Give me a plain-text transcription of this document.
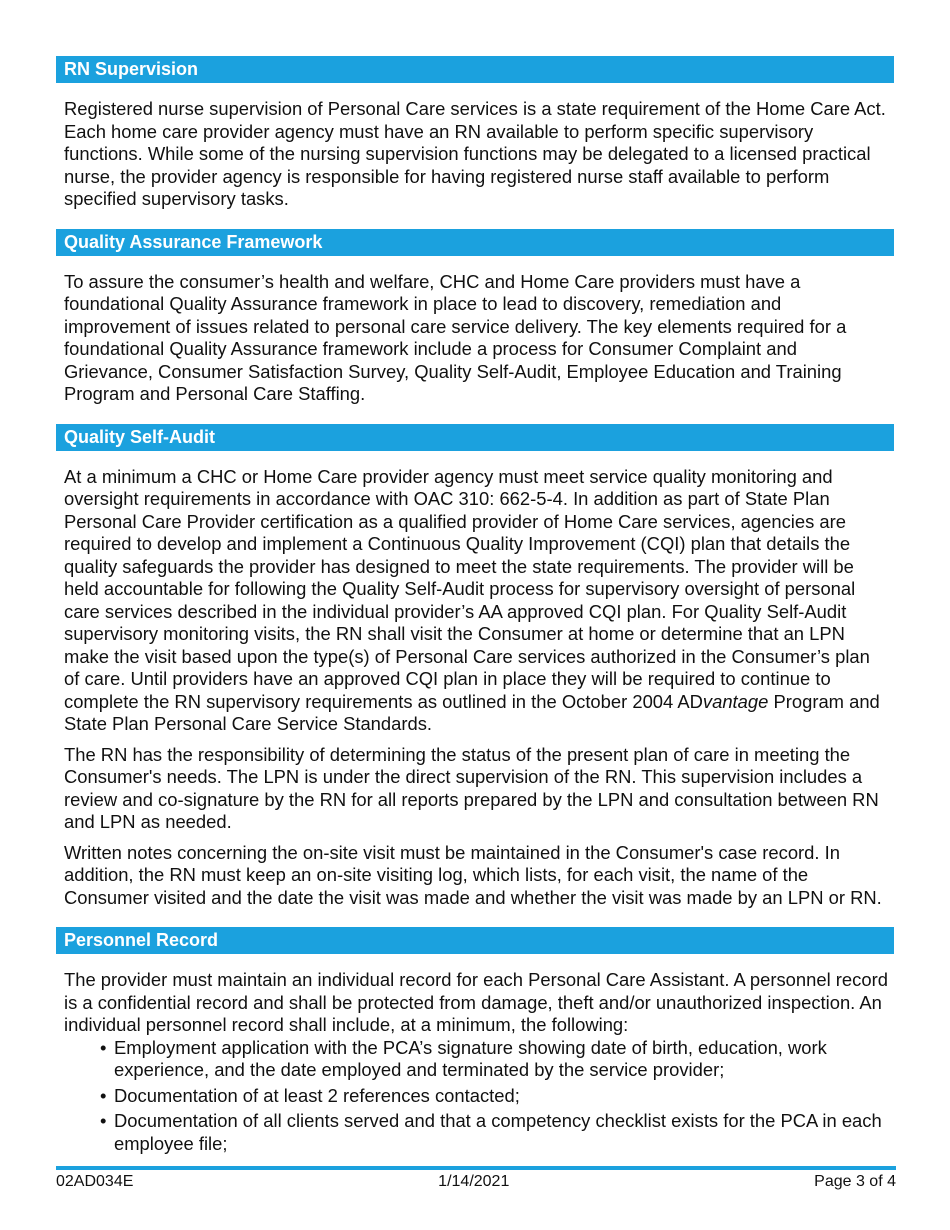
RN Supervision

Registered nurse supervision of Personal Care services is a state requirement of the Home Care Act. Each home care provider agency must have an RN available to perform specific supervisory functions. While some of the nursing supervision functions may be delegated to a licensed practical nurse, the provider agency is responsible for having registered nurse staff available to perform specified supervisory tasks.

Quality Assurance Framework

To assure the consumer’s health and welfare, CHC and Home Care providers must have a foundational Quality Assurance framework in place to lead to discovery, remediation and improvement of issues related to personal care service delivery. The key elements required for a foundational Quality Assurance framework include a process for Consumer Complaint and Grievance, Consumer Satisfaction Survey, Quality Self-Audit, Employee Education and Training Program and Personal Care Staffing.

Quality Self-Audit

At a minimum a CHC or Home Care provider agency must meet service quality monitoring and oversight requirements in accordance with OAC 310: 662-5-4. In addition as part of State Plan Personal Care Provider certification as a qualified provider of Home Care services, agencies are required to develop and implement a Continuous Quality Improvement (CQI) plan that details the quality safeguards the provider has designed to meet the state requirements. The provider will be held accountable for following the Quality Self-Audit process for supervisory oversight of personal care services described in the individual provider’s AA approved CQI plan. For Quality Self-Audit supervisory monitoring visits, the RN shall visit the Consumer at home or determine that an LPN make the visit based upon the type(s) of Personal Care services authorized in the Consumer’s plan of care. Until providers have an approved CQI plan in place they will be required to continue to complete the RN supervisory requirements as outlined in the October 2004 ADvantage Program and State Plan Personal Care Service Standards.

The RN has the responsibility of determining the status of the present plan of care in meeting the Consumer's needs. The LPN is under the direct supervision of the RN. This supervision includes a review and co-signature by the RN for all reports prepared by the LPN and consultation between RN and LPN as needed.

Written notes concerning the on-site visit must be maintained in the Consumer's case record. In addition, the RN must keep an on-site visiting log, which lists, for each visit, the name of the Consumer visited and the date the visit was made and whether the visit was made by an LPN or RN.

Personnel Record

The provider must maintain an individual record for each Personal Care Assistant. A personnel record is a confidential record and shall be protected from damage, theft and/or unauthorized inspection. An individual personnel record shall include, at a minimum, the following:

• Employment application with the PCA’s signature showing date of birth, education, work experience, and the date employed and terminated by the service provider;
• Documentation of at least 2 references contacted;
• Documentation of all clients served and that a competency checklist exists for the PCA in each employee file;
02AD034E	1/14/2021	Page 3 of 4
